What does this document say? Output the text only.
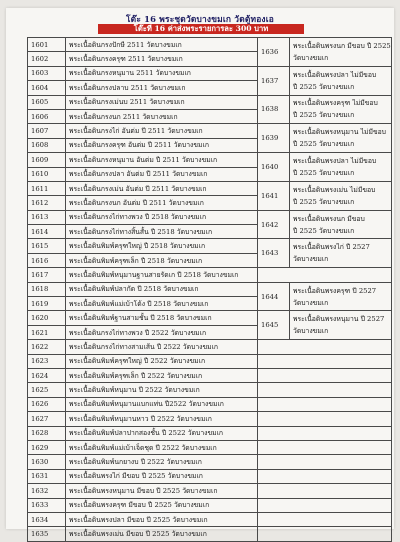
โต๊ะ 16 พระชุดวัดบางขมเก วัดตู้ทองเอ
โต๊ะที่ 16 ค่าส่งพระรายการละ 300 บาท
1601	พระเนื้อดินกรงปักษี 2511 วัดบางขมเก	1636	พระเนื้อดินพรงนก มีขอบ ปี 2525
วัดบางขมเก

1602	พระเนื้อดินกรงครุฑ 2511 วัดบางขมเก		
1603	พระเนื้อดินกรงหนุมาน 2511 วัดบางขมเก	1637	พระเนื้อดินพรงปลา ไม่มีขอบ
ปี 2525 วัดบางขมเก

1604	พระเนื้อดินกรงปลาบ 2511 วัดบางขมเก		
1605	พระเนื้อดินกรงเม่นบ 2511 วัดบางขมเก	1638	พระเนื้อดินพรงครุฑ ไม่มีขอบ
ปี 2525 วัดบางขมเก

1606	พระเนื้อดินกรงนก 2511 วัดบางขมเก		
1607	พระเนื้อดินกรงไก่ อันต่ม ปี 2511 วัดบางขมเก	1639	พระเนื้อดินพรงหนุมาน ไม่มีขอบ
ปี 2525 วัดบางขมเก

1608	พระเนื้อดินกรงครุฑ อันต่ม ปี 2511 วัดบางขมเก		
1609	พระเนื้อดินกรงหนุมาน อันต่ม ปี 2511 วัดบางขมเก	1640	พระเนื้อดินพรงปลา ไม่มีขอบ
ปี 2525 วัดบางขมเก

1610	พระเนื้อดินกรงปลา อันต่ม ปี 2511 วัดบางขมเก		
1611	พระเนื้อดินกรงเม่น อันต่ม ปี 2511 วัดบางขมเก	1641	พระเนื้อดินพรงเม่น ไม่มีขอบ
ปี 2525 วัดบางขมเก

1612	พระเนื้อดินกรงนก อันต่ม ปี 2511 วัดบางขมเก		
1613	พระเนื้อดินกรงไก่ทางพวง ปี 2518 วัดบางขมเก	1642	พระเนื้อดินพรงนก มีขอบ
ปี 2525 วัดบางขมเก

1614	พระเนื้อดินกรงไก่ทางสิ้นสั้น ปี 2518 วัดบางขมเก		
1615	พระเนื้อดินพิมพ์ครุฑใหญ่ ปี 2518 วัดบางขมเก	1643	พระเนื้อดินพรงไก่ ปี 2527
วัดบางขมเก

1616	พระเนื้อดินพิมพ์ครุฑเล็ก ปี 2518 วัดบางขมเก		
1617	พระเนื้อดินพิมพ์หนุมานฐานสายรัดเก ปี 2518 วัดบางขมเก		
1618	พระเนื้อดินพิมพ์ปลากัด ปี 2518 วัดบางขมเก	1644	พระเนื้อดินพรงครุฑ ปี 2527
วัดบางขมเก

1619	พระเนื้อดินพิมพ์แม่เบ้าโด้ง ปี 2518 วัดบางขมเก		
1620	พระเนื้อดินพิมพ์ฐานสามชั้น ปี 2518 วัดบางขมเก	1645	พระเนื้อดินพรงหนุมาน ปี 2527
วัดบางขมเก

1621	พระเนื้อดินกรงไก่ทางพวง ปี 2522 วัดบางขมเก		
1622	พระเนื้อดินกรงไก่ทางสามเส้น ปี 2522 วัดบางขมเก		
1623	พระเนื้อดินพิมพ์ครุฑใหญ่ ปี 2522 วัดบางขมเก		
1624	พระเนื้อดินพิมพ์ครุฑเล็ก ปี 2522 วัดบางขมเก		
1625	พระเนื้อดินพิมพ์หนุมาน ปี 2522 วัดบางขมเก		
1626	พระเนื้อดินพิมพ์หนุมานแบกแท่น ปี2522 วัดบางขมเก		
1627	พระเนื้อดินพิมพ์หนุมานหาว ปี 2522 วัดบางขมเก		
1628	พระเนื้อดินพิมพ์ปลาปากสองชั้น ปี 2522 วัดบางขมเก		
1629	พระเนื้อดินพิมพ์แม่เบ้าเจ็ดชุด ปี 2522 วัดบางขมเก		
1630	พระเนื้อดินพิมพ์นกยางบ ปี 2522 วัดบางขมเก		
1631	พระเนื้อดินพรงไก่ มีขอบ ปี 2525 วัดบางขมเก		
1632	พระเนื้อดินพรงหนุมาน มีขอบ ปี 2525 วัดบางขมเก		
1633	พระเนื้อดินพรงครุฑ มีขอบ ปี 2525 วัดบางขมเก		
1634	พระเนื้อดินพรงปลา มีขอบ ปี 2525 วัดบางขมเก		
1635	พระเนื้อดินพรงเม่น มีขอบ ปี 2525 วัดบางขมเก		
